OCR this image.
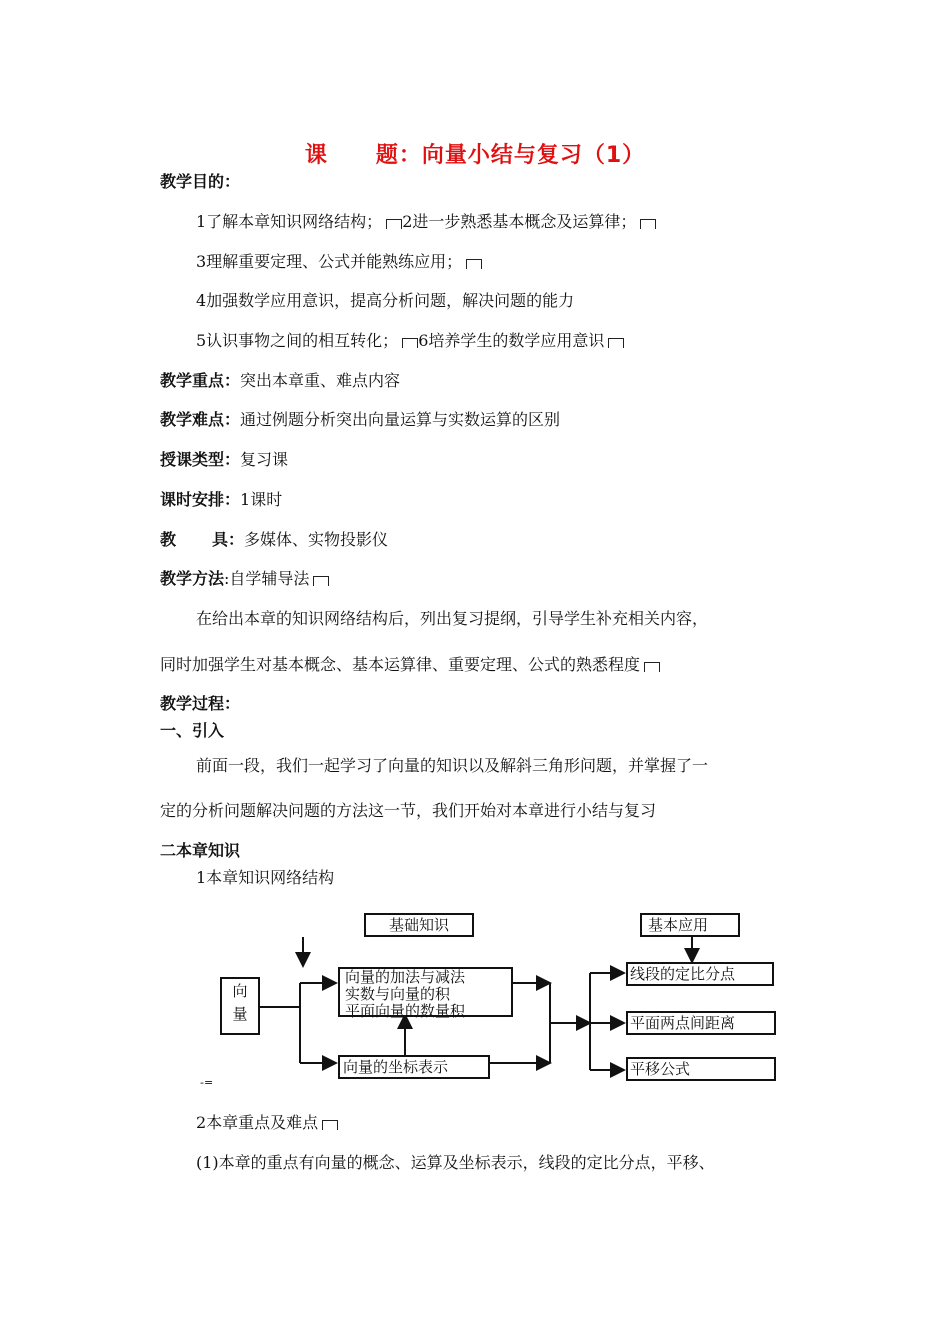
课 题：向量小结与复习（1）
教学目的：
1了解本章知识网络结构； 2进一步熟悉基本概念及运算律；
3理解重要定理、公式并能熟练应用；
4加强数学应用意识，提高分析问题，解决问题的能力
5认识事物之间的相互转化； 6培养学生的数学应用意识
教学重点：突出本章重、难点内容
教学难点：通过例题分析突出向量运算与实数运算的区别
授课类型：复习课
课时安排：1课时
教 具：多媒体、实物投影仪
教学方法:自学辅导法
在给出本章的知识网络结构后，列出复习提纲，引导学生补充相关内容，
同时加强学生对基本概念、基本运算律、重要定理、公式的熟悉程度
教学过程：
一、引入
前面一段，我们一起学习了向量的知识以及解斜三角形问题，并掌握了一
定的分析问题解决问题的方法这一节，我们开始对本章进行小结与复习
二本章知识
1本章知识网络结构
向
量
基础知识
向量的加法与减法
实数与向量的积
平面向量的数量积
向量的坐标表示
基本应用
线段的定比分点
平面两点间距离
平移公式
-=
2本章重点及难点
(1)本章的重点有向量的概念、运算及坐标表示，线段的定比分点，平移、
